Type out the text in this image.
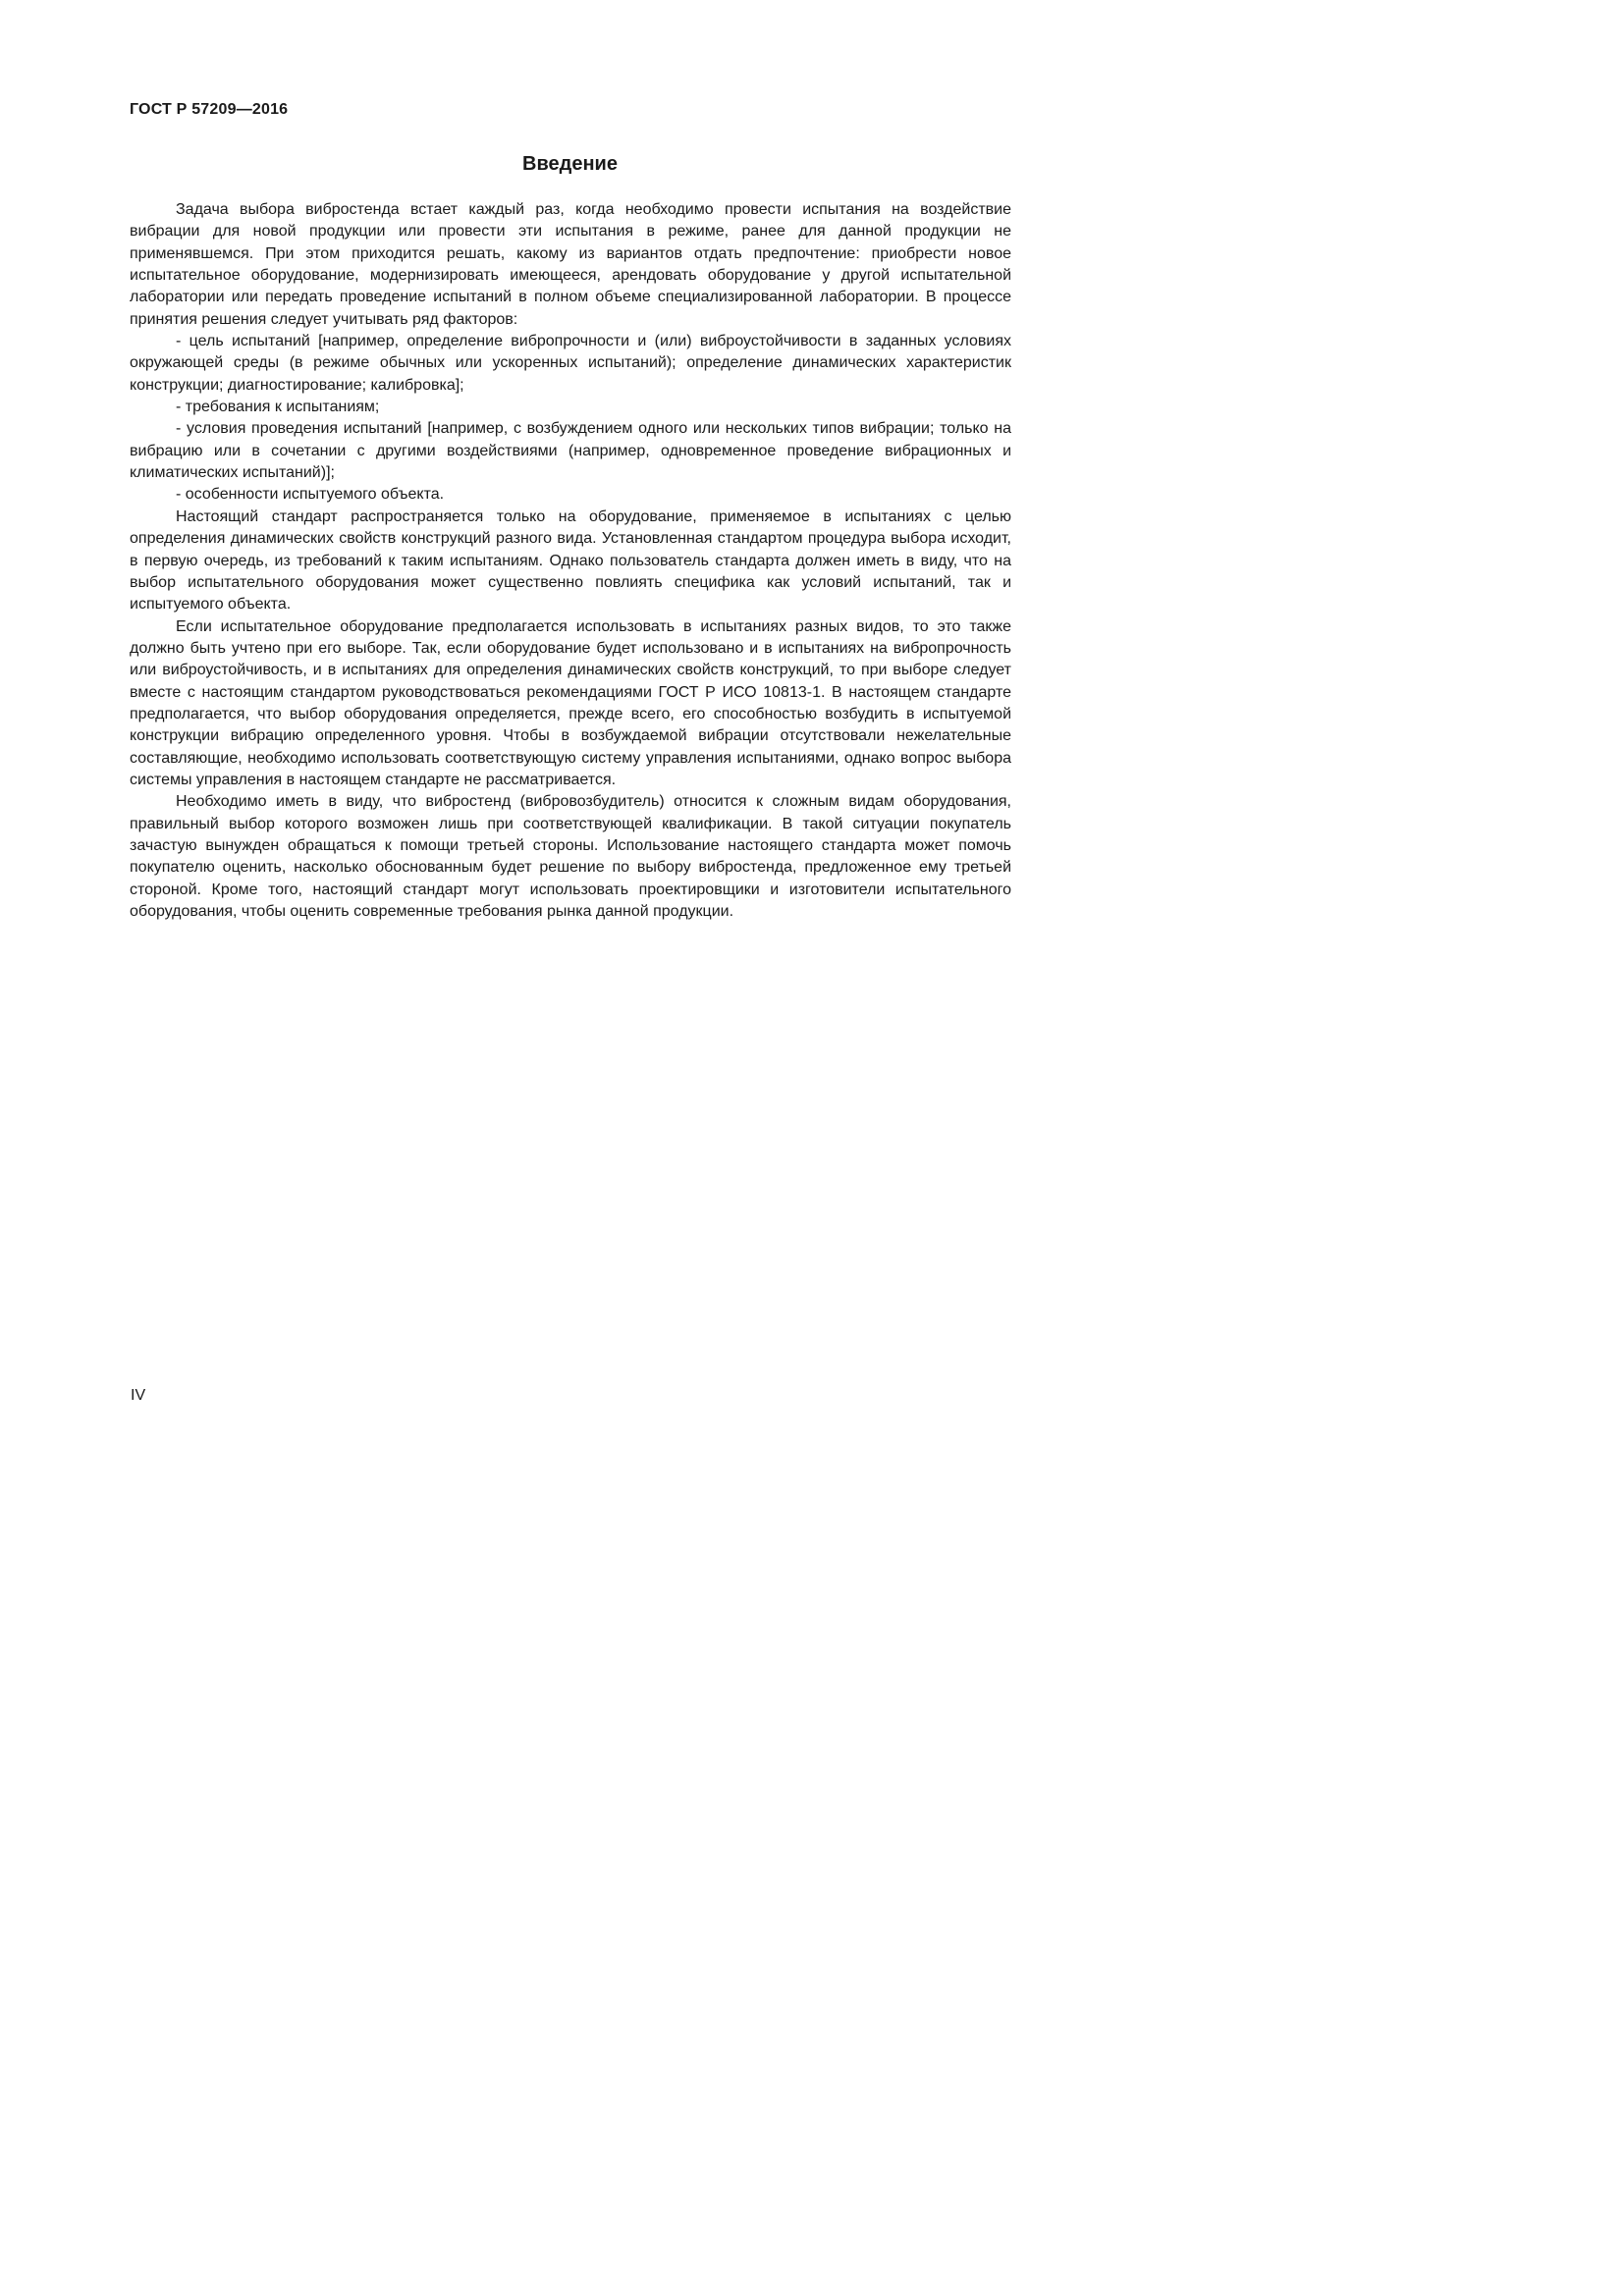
ГОСТ Р 57209—2016
Введение

Задача выбора вибростенда встает каждый раз, когда необходимо провести испытания на воздействие вибрации для новой продукции или провести эти испытания в режиме, ранее для данной продукции не применявшемся. При этом приходится решать, какому из вариантов отдать предпочтение: приобрести новое испытательное оборудование, модернизировать имеющееся, арендовать оборудование у другой испытательной лаборатории или передать проведение испытаний в полном объеме специализированной лаборатории. В процессе принятия решения следует учитывать ряд факторов:

- цель испытаний [например, определение вибропрочности и (или) виброустойчивости в заданных условиях окружающей среды (в режиме обычных или ускоренных испытаний); определение динамических характеристик конструкции; диагностирование; калибровка];

- требования к испытаниям;

- условия проведения испытаний [например, с возбуждением одного или нескольких типов вибрации; только на вибрацию или в сочетании с другими воздействиями (например, одновременное проведение вибрационных и климатических испытаний)];

- особенности испытуемого объекта.

Настоящий стандарт распространяется только на оборудование, применяемое в испытаниях с целью определения динамических свойств конструкций разного вида. Установленная стандартом процедура выбора исходит, в первую очередь, из требований к таким испытаниям. Однако пользователь стандарта должен иметь в виду, что на выбор испытательного оборудования может существенно повлиять специфика как условий испытаний, так и испытуемого объекта.

Если испытательное оборудование предполагается использовать в испытаниях разных видов, то это также должно быть учтено при его выборе. Так, если оборудование будет использовано и в испытаниях на вибропрочность или виброустойчивость, и в испытаниях для определения динамических свойств конструкций, то при выборе следует вместе с настоящим стандартом руководствоваться рекомендациями ГОСТ Р ИСО 10813-1. В настоящем стандарте предполагается, что выбор оборудования определяется, прежде всего, его способностью возбудить в испытуемой конструкции вибрацию определенного уровня. Чтобы в возбуждаемой вибрации отсутствовали нежелательные составляющие, необходимо использовать соответствующую систему управления испытаниями, однако вопрос выбора системы управления в настоящем стандарте не рассматривается.

Необходимо иметь в виду, что вибростенд (вибровозбудитель) относится к сложным видам оборудования, правильный выбор которого возможен лишь при соответствующей квалификации. В такой ситуации покупатель зачастую вынужден обращаться к помощи третьей стороны. Использование настоящего стандарта может помочь покупателю оценить, насколько обоснованным будет решение по выбору вибростенда, предложенное ему третьей стороной. Кроме того, настоящий стандарт могут использовать проектировщики и изготовители испытательного оборудования, чтобы оценить современные требования рынка данной продукции.

IV
